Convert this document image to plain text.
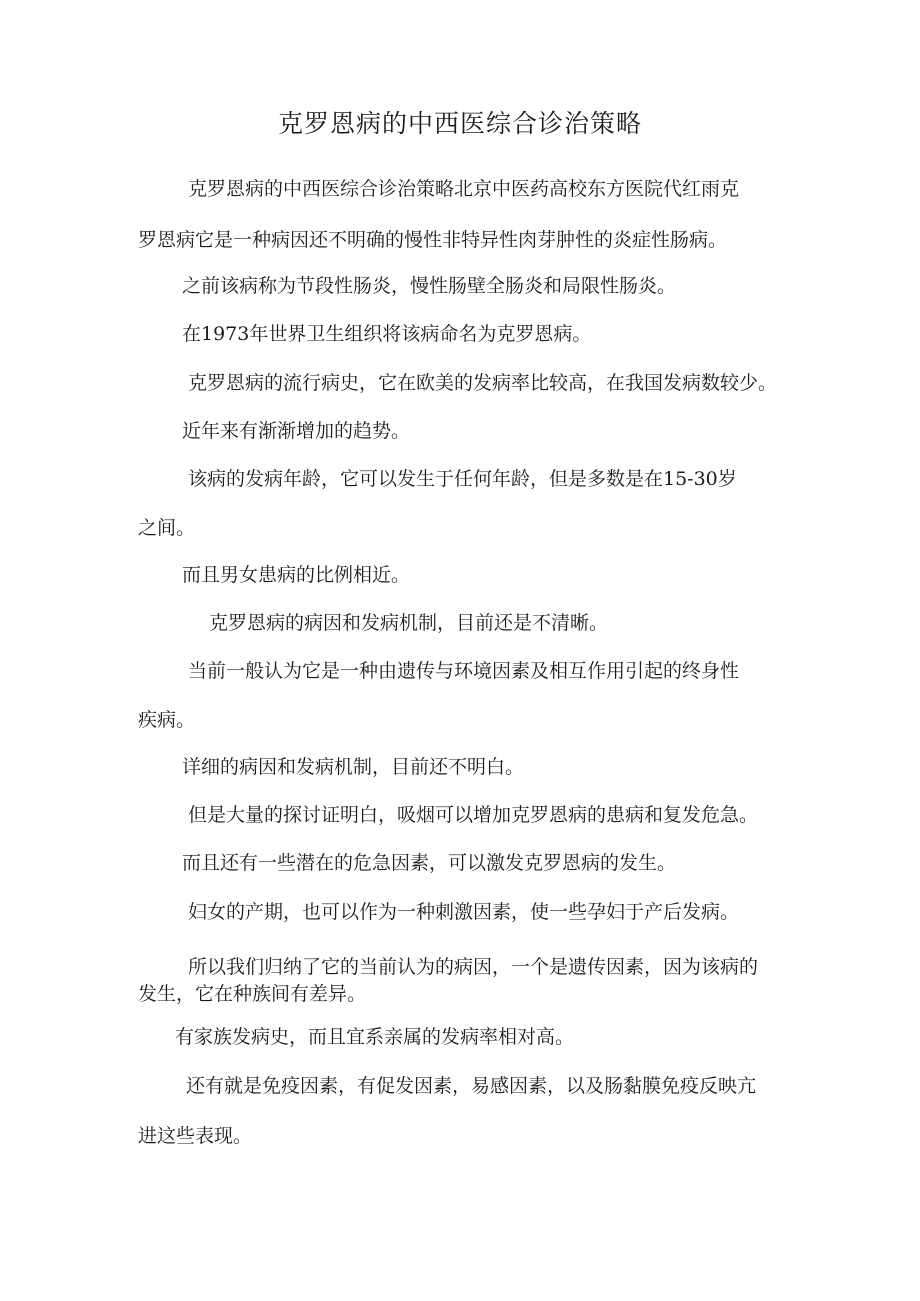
克罗恩病的中西医综合诊治策略

克罗恩病的中西医综合诊治策略北京中医药高校东方医院代红雨克

罗恩病它是一种病因还不明确的慢性非特异性肉芽肿性的炎症性肠病。

之前该病称为节段性肠炎，慢性肠壁全肠炎和局限性肠炎。

在1973年世界卫生组织将该病命名为克罗恩病。

克罗恩病的流行病史，它在欧美的发病率比较高，在我国发病数较少。

近年来有渐渐增加的趋势。

该病的发病年龄，它可以发生于任何年龄，但是多数是在15-30岁

之间。

而且男女患病的比例相近。

克罗恩病的病因和发病机制，目前还是不清晰。

当前一般认为它是一种由遗传与环境因素及相互作用引起的终身性

疾病。

详细的病因和发病机制，目前还不明白。

但是大量的探讨证明白，吸烟可以增加克罗恩病的患病和复发危急。

而且还有一些潜在的危急因素，可以激发克罗恩病的发生。

妇女的产期，也可以作为一种刺激因素，使一些孕妇于产后发病。

所以我们归纳了它的当前认为的病因，一个是遗传因素，因为该病的

发生，它在种族间有差异。

有家族发病史，而且宜系亲属的发病率相对高。

还有就是免疫因素，有促发因素，易感因素，以及肠黏膜免疫反映亢

进这些表现。
